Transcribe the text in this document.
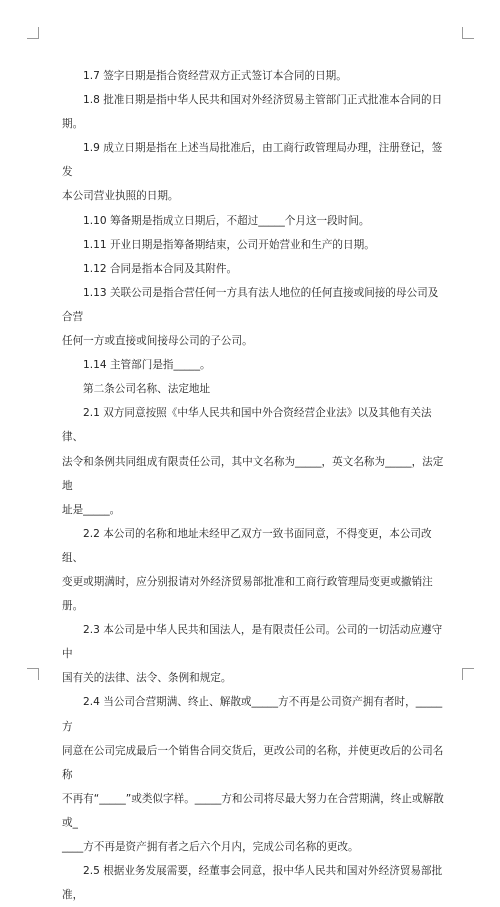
1.7 签字日期是指合资经营双方正式签订本合同的日期。

1.8 批准日期是指中华人民共和国对外经济贸易主管部门正式批准本合同的日期。

1.9 成立日期是指在上述当局批准后，由工商行政管理局办理，注册登记，签发

本公司营业执照的日期。

1.10 筹备期是指成立日期后，不超过_____个月这一段时间。

1.11 开业日期是指筹备期结束，公司开始营业和生产的日期。

1.12 合同是指本合同及其附件。

1.13 关联公司是指合营任何一方具有法人地位的任何直接或间接的母公司及合营

任何一方或直接或间接母公司的子公司。

1.14 主管部门是指_____。

第二条公司名称、法定地址

2.1 双方同意按照《中华人民共和国中外合资经营企业法》以及其他有关法律、

法令和条例共同组成有限责任公司，其中文名称为_____，英文名称为_____，法定地

址是_____。

2.2 本公司的名称和地址未经甲乙双方一致书面同意，不得变更，本公司改组、

变更或期满时，应分别报请对外经济贸易部批准和工商行政管理局变更或撤销注册。

2.3 本公司是中华人民共和国法人，是有限责任公司。公司的一切活动应遵守中

国有关的法律、法令、条例和规定。

2.4 当公司合营期满、终止、解散或_____方不再是公司资产拥有者时，_____方

同意在公司完成最后一个销售合同交货后，更改公司的名称，并使更改后的公司名称

不再有“_____”或类似字样。_____方和公司将尽最大努力在合营期满，终止或解散或_

____方不再是资产拥有者之后六个月内，完成公司名称的更改。

2.5 根据业务发展需要，经董事会同意，报中华人民共和国对外经济贸易部批准，
